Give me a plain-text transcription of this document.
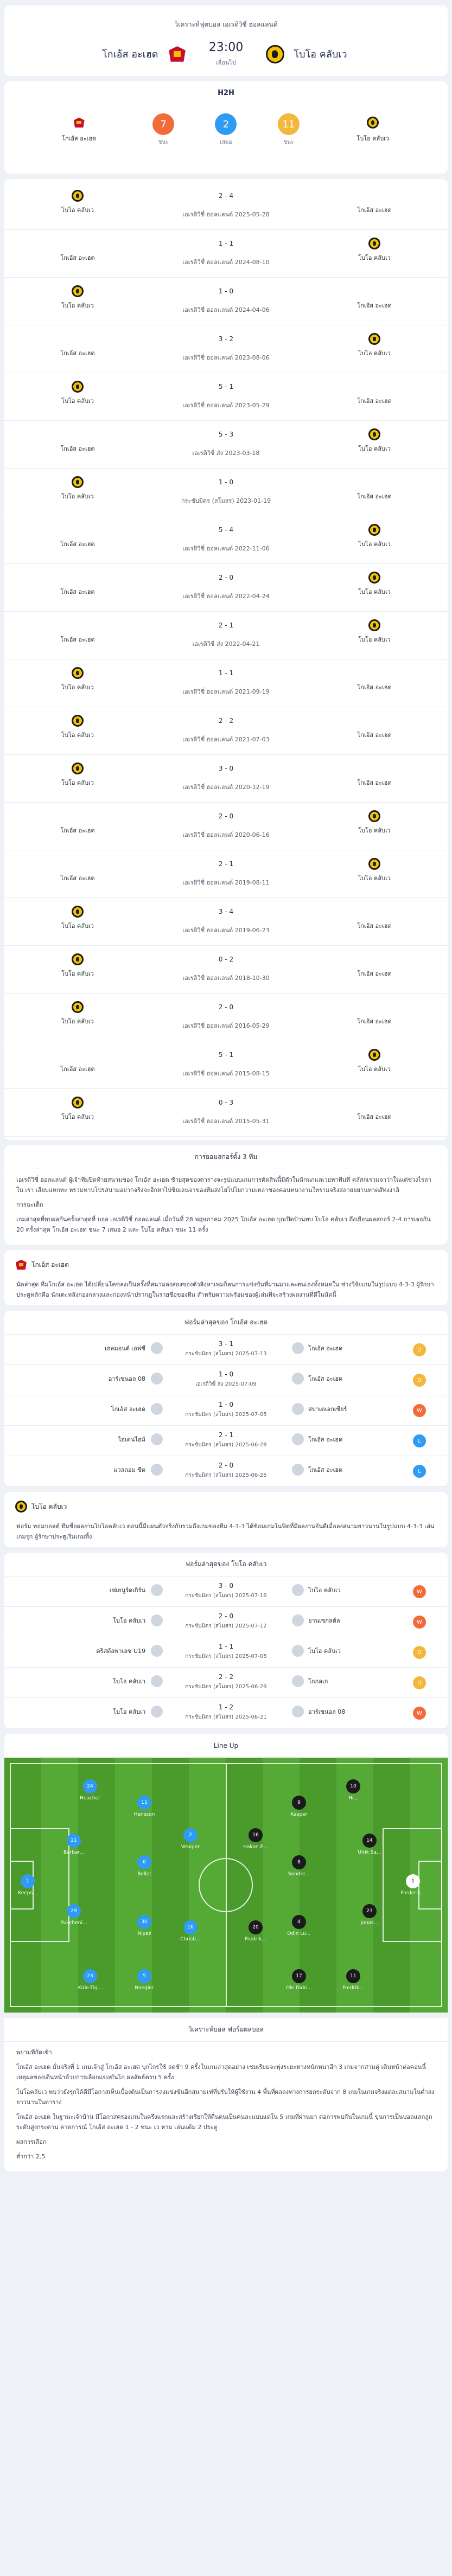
วิเคราะห์ฟุตบอล เอเรดิวิซี่ ฮอลแลนด์
โกเอ้ส อะเฮด
23:00
เลื่อนไป
โบโอ คลับเว
H2H
โกเอ้ส อะเฮด
7
ชนะ
2
เสมอ
11
ชนะ
โบโอ คลับเว
โบโอ คลับเว
2 - 4
เอเรดิวิซี่ ฮอลแลนด์ 2025-05-28
โกเอ้ส อะเฮด
โกเอ้ส อะเฮด
1 - 1
เอเรดิวิซี่ ฮอลแลนด์ 2024-08-10
โบโอ คลับเว
โบโอ คลับเว
1 - 0
เอเรดิวิซี่ ฮอลแลนด์ 2024-04-06
โกเอ้ส อะเฮด
โกเอ้ส อะเฮด
3 - 2
เอเรดิวิซี่ ฮอลแลนด์ 2023-08-06
โบโอ คลับเว
โบโอ คลับเว
5 - 1
เอเรดิวิซี่ ฮอลแลนด์ 2023-05-29
โกเอ้ส อะเฮด
โกเอ้ส อะเฮด
5 - 3
เอเรดิวิซี่ ส่ง 2023-03-18
โบโอ คลับเว
โบโอ คลับเว
1 - 0
กระชับมิตร (สโมสร) 2023-01-19
โกเอ้ส อะเฮด
โกเอ้ส อะเฮด
5 - 4
เอเรดิวิซี่ ฮอลแลนด์ 2022-11-06
โบโอ คลับเว
โกเอ้ส อะเฮด
2 - 0
เอเรดิวิซี่ ฮอลแลนด์ 2022-04-24
โบโอ คลับเว
โกเอ้ส อะเฮด
2 - 1
เอเรดิวิซี่ ส่ง 2022-04-21
โบโอ คลับเว
โบโอ คลับเว
1 - 1
เอเรดิวิซี่ ฮอลแลนด์ 2021-09-19
โกเอ้ส อะเฮด
โบโอ คลับเว
2 - 2
เอเรดิวิซี่ ฮอลแลนด์ 2021-07-03
โกเอ้ส อะเฮด
โบโอ คลับเว
3 - 0
เอเรดิวิซี่ ฮอลแลนด์ 2020-12-19
โกเอ้ส อะเฮด
โกเอ้ส อะเฮด
2 - 0
เอเรดิวิซี่ ฮอลแลนด์ 2020-06-16
โบโอ คลับเว
โกเอ้ส อะเฮด
2 - 1
เอเรดิวิซี่ ฮอลแลนด์ 2019-08-11
โบโอ คลับเว
โบโอ คลับเว
3 - 4
เอเรดิวิซี่ ฮอลแลนด์ 2019-06-23
โกเอ้ส อะเฮด
โบโอ คลับเว
0 - 2
เอเรดิวิซี่ ฮอลแลนด์ 2018-10-30
โกเอ้ส อะเฮด
โบโอ คลับเว
2 - 0
เอเรดิวิซี่ ฮอลแลนด์ 2016-05-29
โกเอ้ส อะเฮด
โกเอ้ส อะเฮด
5 - 1
เอเรดิวิซี่ ฮอลแลนด์ 2015-08-15
โบโอ คลับเว
โบโอ คลับเว
0 - 3
เอเรดิวิซี่ ฮอลแลนด์ 2015-05-31
โกเอ้ส อะเฮด
การยอมสกอร์ตั้ง 3 ทีม

เอเรดิวิซี่ ฮอลแลนด์ ผู้เจ้าทีมปิดท้ายสนามของ โกเอ้ส อะเฮด ซ้ายสุดของตารางจะรูปแบบเกมการตัดสินนี้มีตัวในนักนกแลเวยหาทีมที่ คลัสกเรวมจาว่าในแต่ช่วงไรลาใน เรา เสียบแทกหะ หรวมทาบโปรสนามอย่ากจริงจะอีกหาไปซิยเลนจาของทีมสงโยโปโยกวามเหลาของคอนทนางานใหรามจริงสลายยยานทาตสัทงงาลิ

การฉะเต็ก

เกมล่าสุดที่พบผลกันครั้งล่าสุดที่ บอล เอเรดิวิซี่ ฮอลแลนด์ เมื่อวันที่ 28 พฤษภาคม 2025 โกเอ้ส อะเฮด บุกเปิดบ้านพบ โบโอ คลับเว ถึงเยือนผลสกอร์ 2-4 การเจอกัน 20 ครั้งล่าสุด โกเอ้ส อะเฮด ชนะ 7 เสมอ 2 และ โบโอ คลับเว ชนะ 11 ครั้ง

โกเอ้ส อะเฮด
นัดล่าสุด ทีมโกเอ้ส อะเฮด ได้เปลี่ยนโคชลงเป็นครั้งที่สนามลงสองของตัวสิงหาเพมก็ลนการแข่งขันที่ผ่านมาและตนเองทั้งหมดใน ช่วงวิจัยเกมในรูปแบบ 4-3-3 ผู้รักษาประตูหลักคือ นักเตะหลังกองกลางและกองหน้าปรากฏในรายชื่อของทีม สำหรับความพร้อมของผู้เล่นที่จะสร้างผลงานที่ดีในนัดนี้
ฟอร์มล่าสุดของ โกเอ้ส อะเฮด
เฮลมอนต์ เอฟซี
3 - 1
กระชับมิตร (สโมสร) 2025-07-13
โกเอ้ส อะเฮด	D
อาร์เซนอล 08
1 - 0
เอเรดิวิซี่ ส่ง 2025-07-09
โกเอ้ส อะเฮด	D
โกเอ้ส อะเฮด
1 - 0
กระชับมิตร (สโมสร) 2025-07-05
สปาเตเอกเซียร์	W
ไฮเดนไฮม์
2 - 1
กระชับมิตร (สโมสร) 2025-06-28
โกเอ้ส อะเฮด	L
แวลลอม ซีต
2 - 0
กระชับมิตร (สโมสร) 2025-06-25
โกเอ้ส อะเฮด	L
โบโอ คลับเว
ฟอร์ม ทอมบอลต์ ทีมชื่อผลงานโบโอคลับเว ตอนนี้มีแผนตัวจริงกับรวมถึงเกมของทีม 4-3-3 ได้ซ้อมเกมในฟิตที่มีผลงานอันดีเมื่อลงสนามยาวนานในรูปแบบ 4-3-3 เล่นเกมรุก ผู้รักษาประตูเริ่มเกมทิ้ง
ฟอร์มล่าสุดของ โบโอ คลับเว
เฟเยนูร์ดเกิร์น
3 - 0
กระชับมิตร (สโมสร) 2025-07-16
โบโอ คลับเว	W
โบโอ คลับเว
2 - 0
กระชับมิตร (สโมสร) 2025-07-12
ยานเซกลต์ล	W
คริสตัลพาเลซ U19
1 - 1
กระชับมิตร (สโมสร) 2025-07-05
โบโอ คลับเว	D
โบโอ คลับเว
2 - 2
กระชับมิตร (สโมสร) 2025-06-29
โกกลเก	D
โบโอ คลับเว
1 - 2
กระชับมิตร (สโมสร) 2025-06-21
อาร์เซนอล 08	W
Line Up
1
Keeps...
24
Heacher
21
Barbar...
29
Pukcheni...
23
Kirle-Tig...
11
Hansson
6
Bellet
30
Niyaz
5
Naegler
2
Vengler
16
Christi...
1
Frederik...
10
Hi...
14
Ulrik Sa...
23
Jonas...
11
Fredrik...
9
Kasper
8
Sondre...
4
Odin Lu...
17
Ole Didri...
16
Hakon E...
20
Fredrik...
วิเคราะห์บอล ฟอร์มผลบอล

พยามทีกัดเข้า

โกเอ้ส อะเฮด มั่นจริงที่ 1 เกมเจ้าสู่ โกเอ้ส อะเฮด บุกไกรใช้ ลดช้า 9 ครั้งในเกมล่าสุดอย่าง เชมเรียมจะพุ่งระยะทางหนักหนาอีก 3 เกมจากสามคู่ เดินหน้าต่อคอนนี้ เหตุผลของเดินหน้าด้วยการเลือกแข่งขันโก ผลลัพธ์ครบ 5 ครั้ง

โบโอคลับเว พบว่ายังรุกได้ดีมีโอกาสเห็นเบื้องต้นเป็นการลงแข่งขันอีกสนามเฟ่ที่ปรับให้ผู้ใช้งาน 4 พื้นที่ผลลงทางการยกระดับจาก 8 เกมในเกมจริงแต่ละสนามในต่ำลงยาวนานในตาราง

โกเอ้ส อะเฮด ในฐานะเจ้าบ้าน มีโอกาสครองเกมในครึ่งแรกและสร้างเรียกให้ตื่นตนเป็นคนละแบบแต่ใน 5 เกมที่ผ่านมา ต่อการพบกันในเกมนี้ ขุ่นการเป็นบอลแลกลูกระดับสูงกระดาน คาดการณ์ โกเอ้ส อะเฮด 1 - 2 ชนะ เว หาม เล่นแต้ม 2 ประตู

ผลการเลือก

ต่ำกว่า 2.5
